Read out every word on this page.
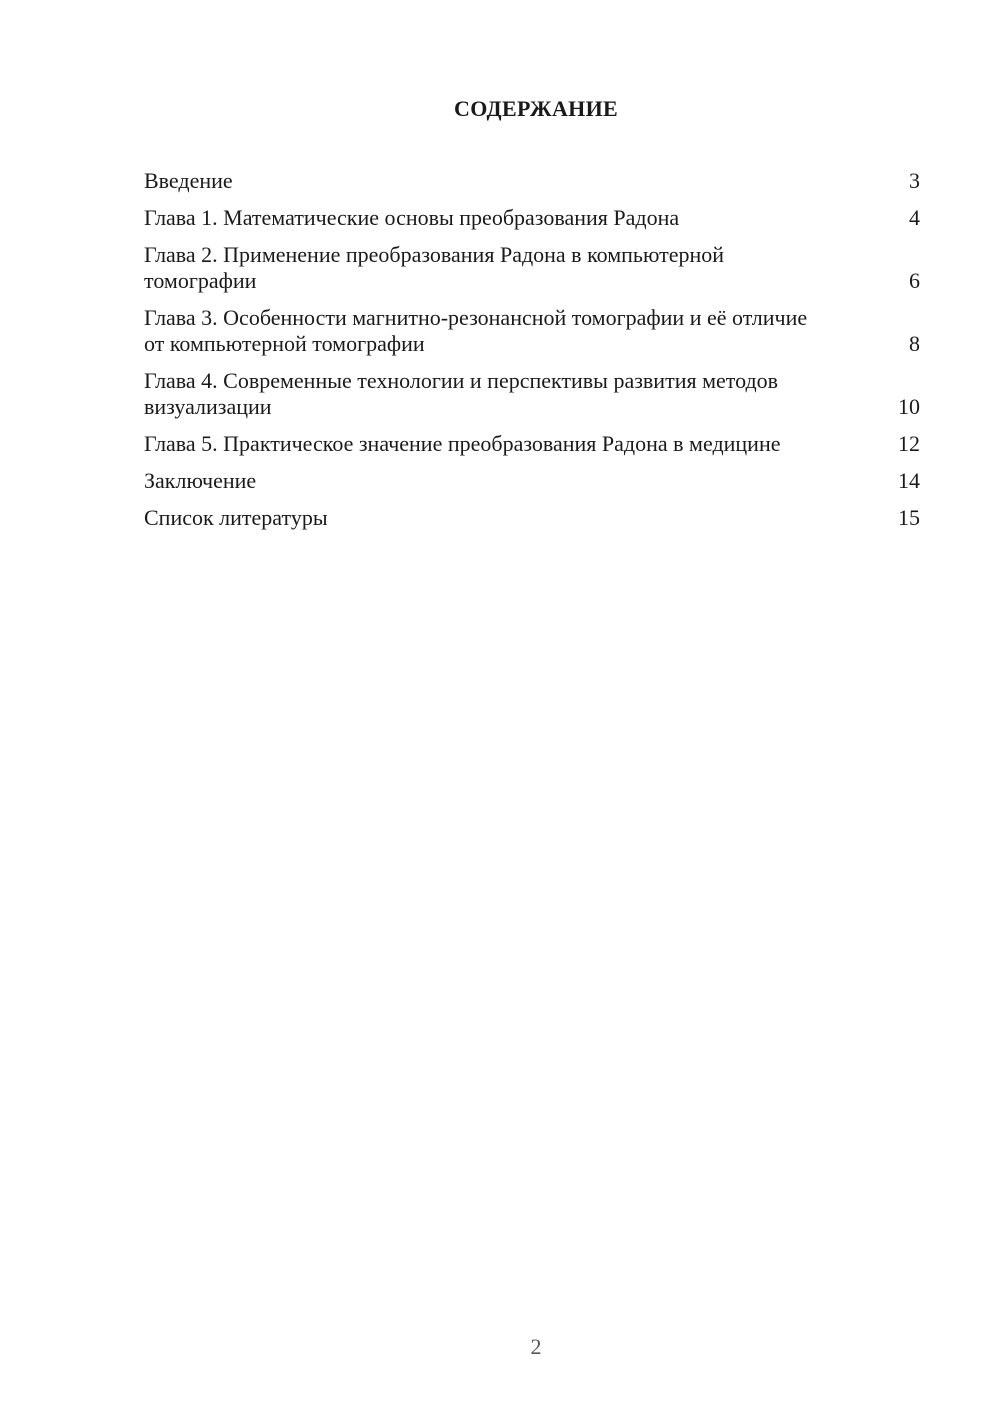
СОДЕРЖАНИЕ
Введение	3
Глава 1. Математические основы преобразования Радона	4
Глава 2. Применение преобразования Радона в компьютерной томографии	6
Глава 3. Особенности магнитно-резонансной томографии и её отличие от компьютерной томографии	8
Глава 4. Современные технологии и перспективы развития методов визуализации	10
Глава 5. Практическое значение преобразования Радона в медицине	12
Заключение	14
Список литературы	15
2
